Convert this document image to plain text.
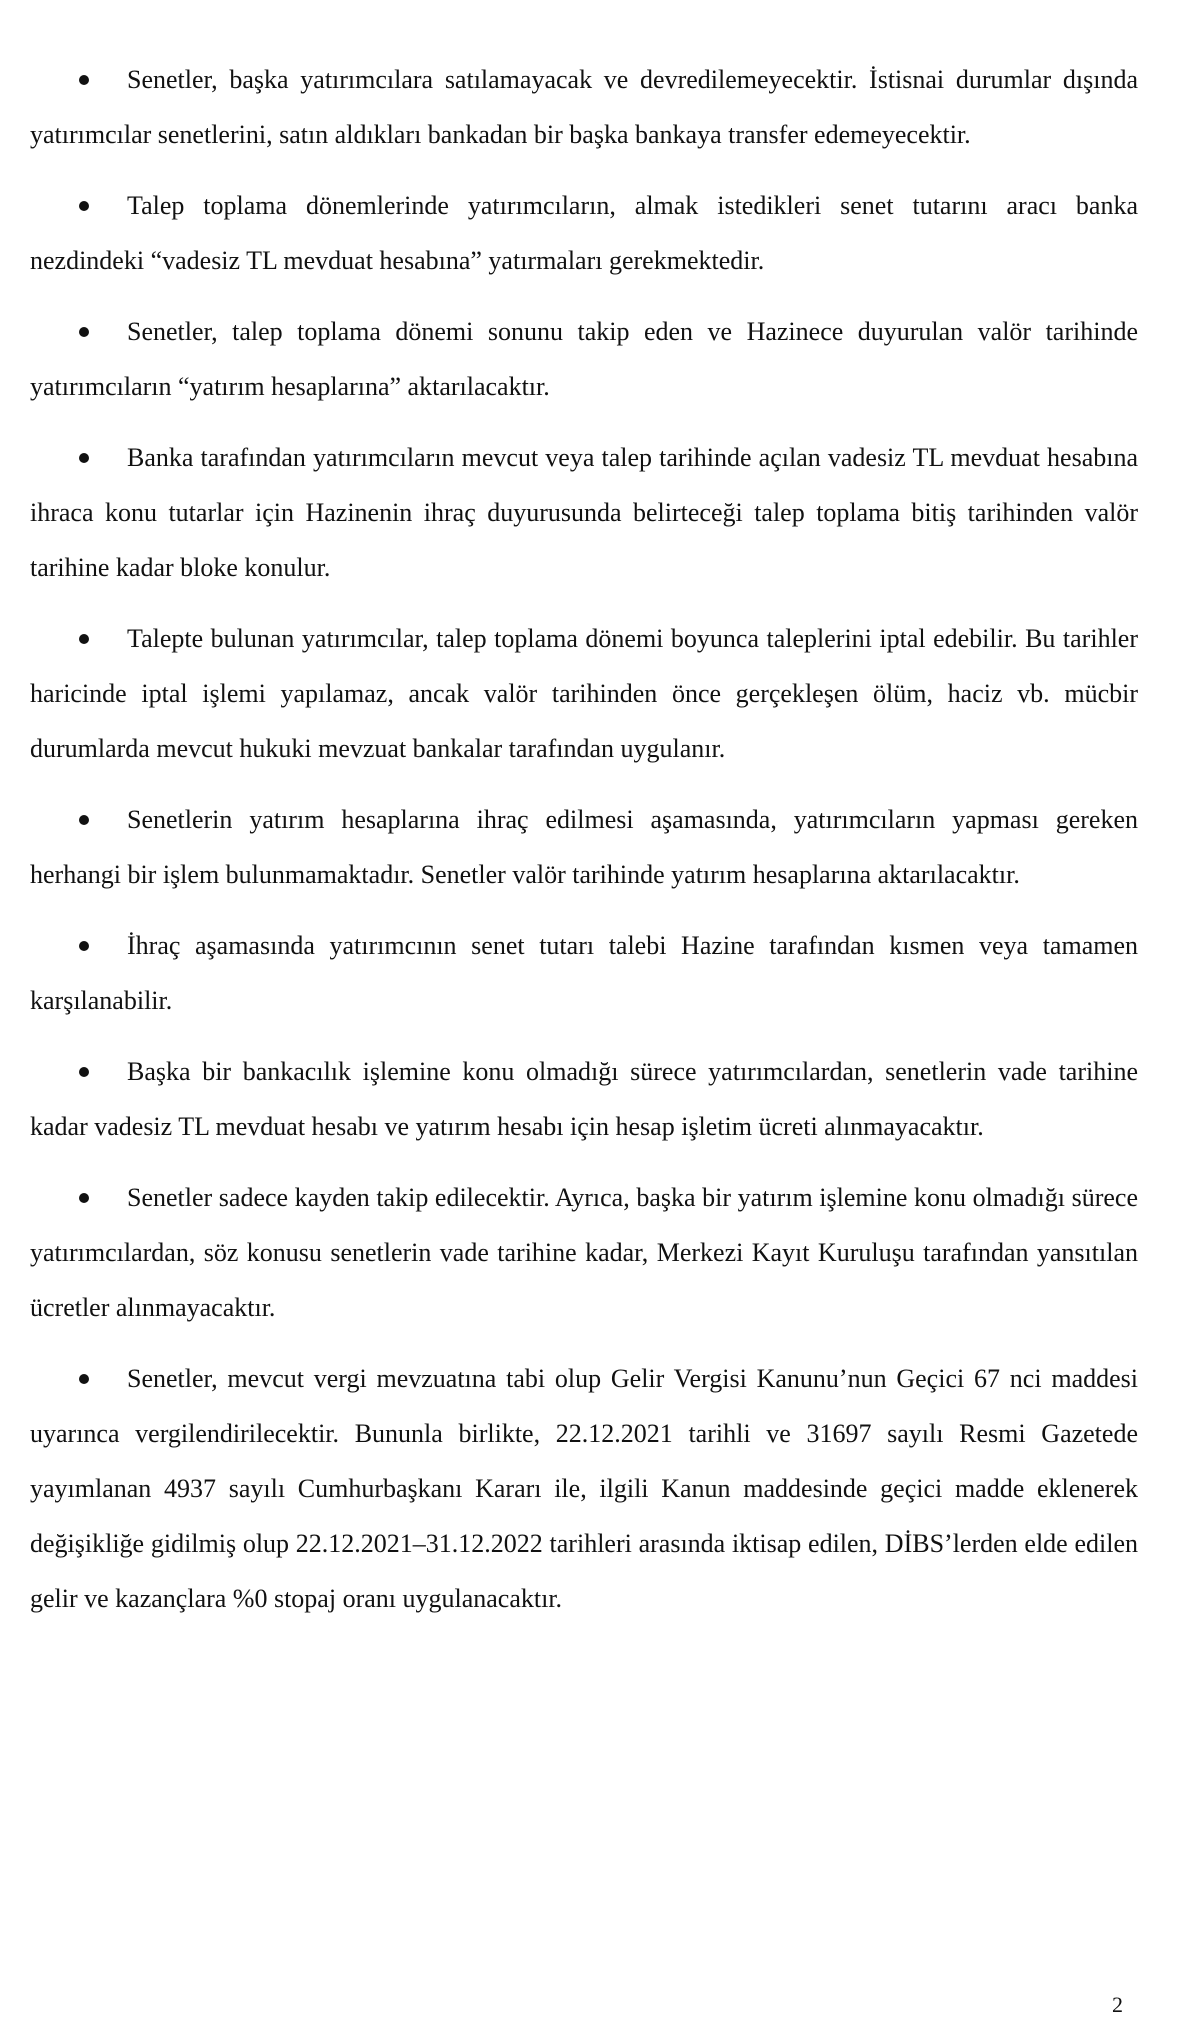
Senetler, başka yatırımcılara satılamayacak ve devredilemeyecektir. İstisnai durumlar dışında yatırımcılar senetlerini, satın aldıkları bankadan bir başka bankaya transfer edemeyecektir.

Talep toplama dönemlerinde yatırımcıların, almak istedikleri senet tutarını aracı banka nezdindeki “vadesiz TL mevduat hesabına” yatırmaları gerekmektedir.

Senetler, talep toplama dönemi sonunu takip eden ve Hazinece duyurulan valör tarihinde yatırımcıların “yatırım hesaplarına” aktarılacaktır.

Banka tarafından yatırımcıların mevcut veya talep tarihinde açılan vadesiz TL mevduat hesabına ihraca konu tutarlar için Hazinenin ihraç duyurusunda belirteceği talep toplama bitiş tarihinden valör tarihine kadar bloke konulur.

Talepte bulunan yatırımcılar, talep toplama dönemi boyunca taleplerini iptal edebilir. Bu tarihler haricinde iptal işlemi yapılamaz, ancak valör tarihinden önce gerçekleşen ölüm, haciz vb. mücbir durumlarda mevcut hukuki mevzuat bankalar tarafından uygulanır.

Senetlerin yatırım hesaplarına ihraç edilmesi aşamasında, yatırımcıların yapması gereken herhangi bir işlem bulunmamaktadır. Senetler valör tarihinde yatırım hesaplarına aktarılacaktır.

İhraç aşamasında yatırımcının senet tutarı talebi Hazine tarafından kısmen veya tamamen karşılanabilir.

Başka bir bankacılık işlemine konu olmadığı sürece yatırımcılardan, senetlerin vade tarihine kadar vadesiz TL mevduat hesabı ve yatırım hesabı için hesap işletim ücreti alınmayacaktır.

Senetler sadece kayden takip edilecektir. Ayrıca, başka bir yatırım işlemine konu olmadığı sürece yatırımcılardan, söz konusu senetlerin vade tarihine kadar, Merkezi Kayıt Kuruluşu tarafından yansıtılan ücretler alınmayacaktır.

Senetler, mevcut vergi mevzuatına tabi olup Gelir Vergisi Kanunu’nun Geçici 67 nci maddesi uyarınca vergilendirilecektir. Bununla birlikte, 22.12.2021 tarihli ve 31697 sayılı Resmi Gazetede yayımlanan 4937 sayılı Cumhurbaşkanı Kararı ile, ilgili Kanun maddesinde geçici madde eklenerek değişikliğe gidilmiş olup 22.12.2021–31.12.2022 tarihleri arasında iktisap edilen, DİBS’lerden elde edilen gelir ve kazançlara %0 stopaj oranı uygulanacaktır.

2
